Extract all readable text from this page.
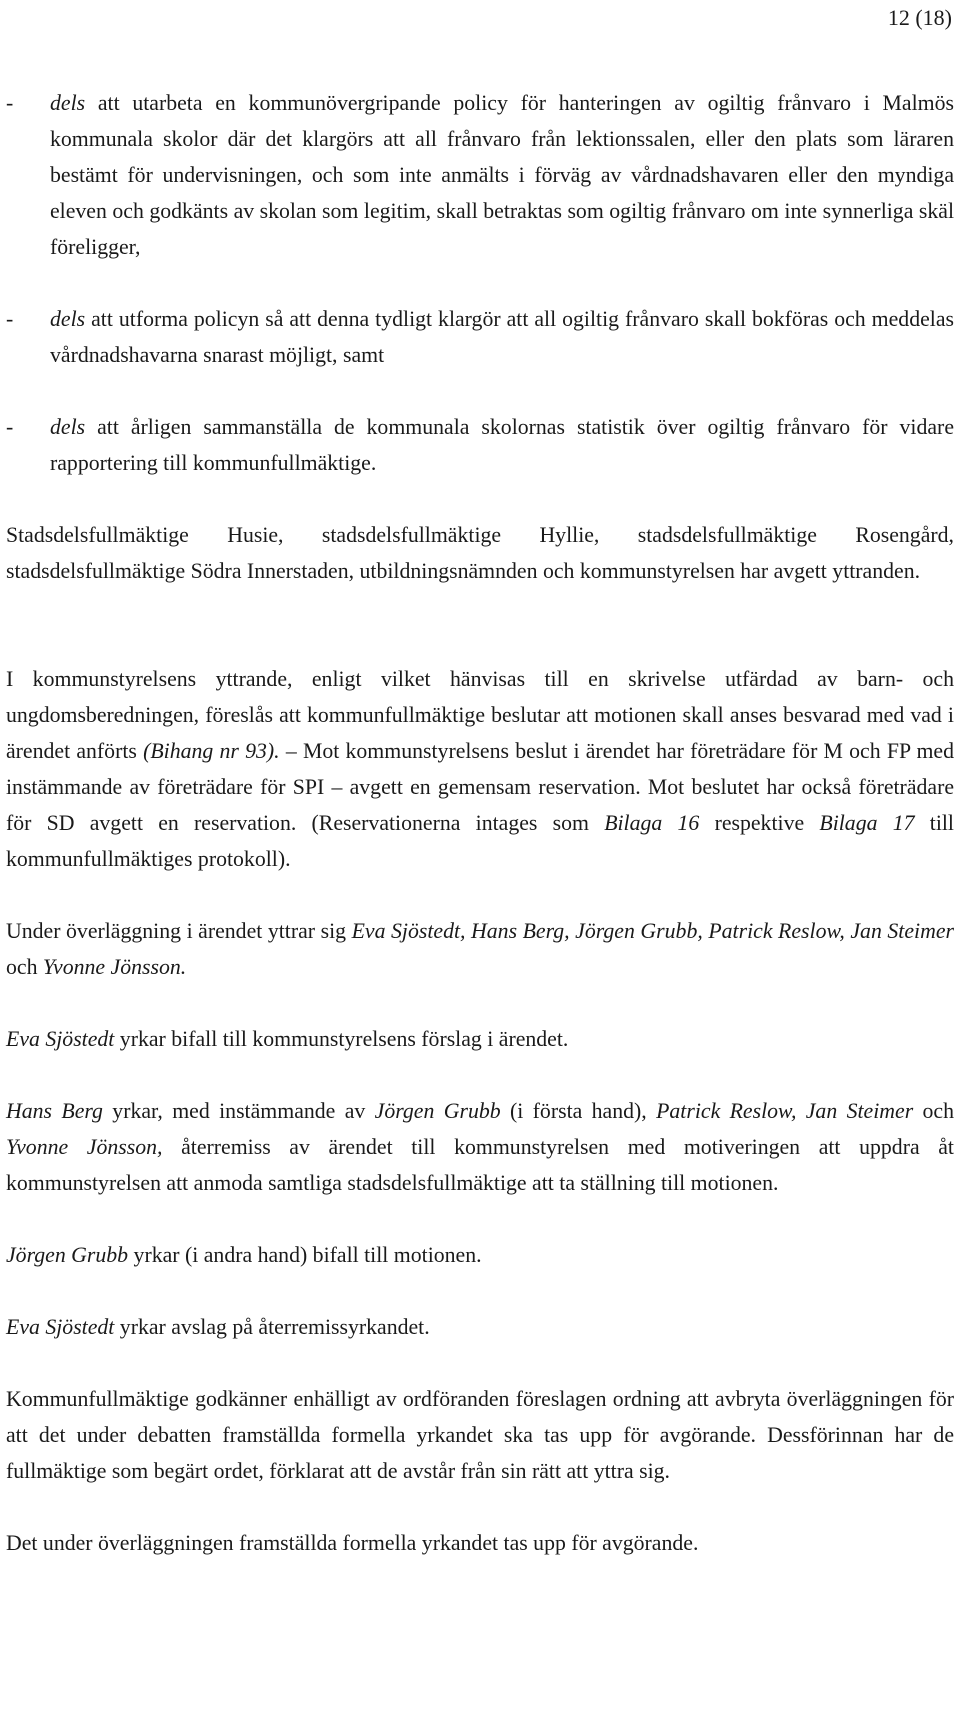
12 (18)

- dels att utarbeta en kommunövergripande policy för hanteringen av ogiltig frånvaro i Malmös kommunala skolor där det klargörs att all frånvaro från lektionssalen, eller den plats som läraren bestämt för undervisningen, och som inte anmälts i förväg av vårdnadshavaren eller den myndiga eleven och godkänts av skolan som legitim, skall betraktas som ogiltig frånvaro om inte synnerliga skäl föreligger,

- dels att utforma policyn så att denna tydligt klargör att all ogiltig frånvaro skall bokföras och meddelas vårdnadshavarna snarast möjligt, samt

- dels att årligen sammanställa de kommunala skolornas statistik över ogiltig frånvaro för vidare rapportering till kommunfullmäktige.

Stadsdelsfullmäktige Husie, stadsdelsfullmäktige Hyllie, stadsdelsfullmäktige Rosengård, stadsdelsfullmäktige Södra Innerstaden, utbildningsnämnden och kommunstyrelsen har avgett yttranden.

I kommunstyrelsens yttrande, enligt vilket hänvisas till en skrivelse utfärdad av barn- och ungdomsberedningen, föreslås att kommunfullmäktige beslutar att motionen skall anses besvarad med vad i ärendet anförts (Bihang nr 93). – Mot kommunstyrelsens beslut i ärendet har företrädare för M och FP med instämmande av företrädare för SPI – avgett en gemensam reservation. Mot beslutet har också företrädare för SD avgett en reservation. (Reservationerna intages som Bilaga 16 respektive Bilaga 17 till kommunfullmäktiges protokoll).

Under överläggning i ärendet yttrar sig Eva Sjöstedt, Hans Berg, Jörgen Grubb, Patrick Reslow, Jan Steimer och Yvonne Jönsson.

Eva Sjöstedt yrkar bifall till kommunstyrelsens förslag i ärendet.

Hans Berg yrkar, med instämmande av Jörgen Grubb (i första hand), Patrick Reslow, Jan Steimer och Yvonne Jönsson, återremiss av ärendet till kommunstyrelsen med motiveringen att uppdra åt kommunstyrelsen att anmoda samtliga stadsdelsfullmäktige att ta ställning till motionen.

Jörgen Grubb yrkar (i andra hand) bifall till motionen.

Eva Sjöstedt yrkar avslag på återremissyrkandet.

Kommunfullmäktige godkänner enhälligt av ordföranden föreslagen ordning att avbryta överläggningen för att det under debatten framställda formella yrkandet ska tas upp för avgörande. Dessförinnan har de fullmäktige som begärt ordet, förklarat att de avstår från sin rätt att yttra sig.

Det under överläggningen framställda formella yrkandet tas upp för avgörande.
